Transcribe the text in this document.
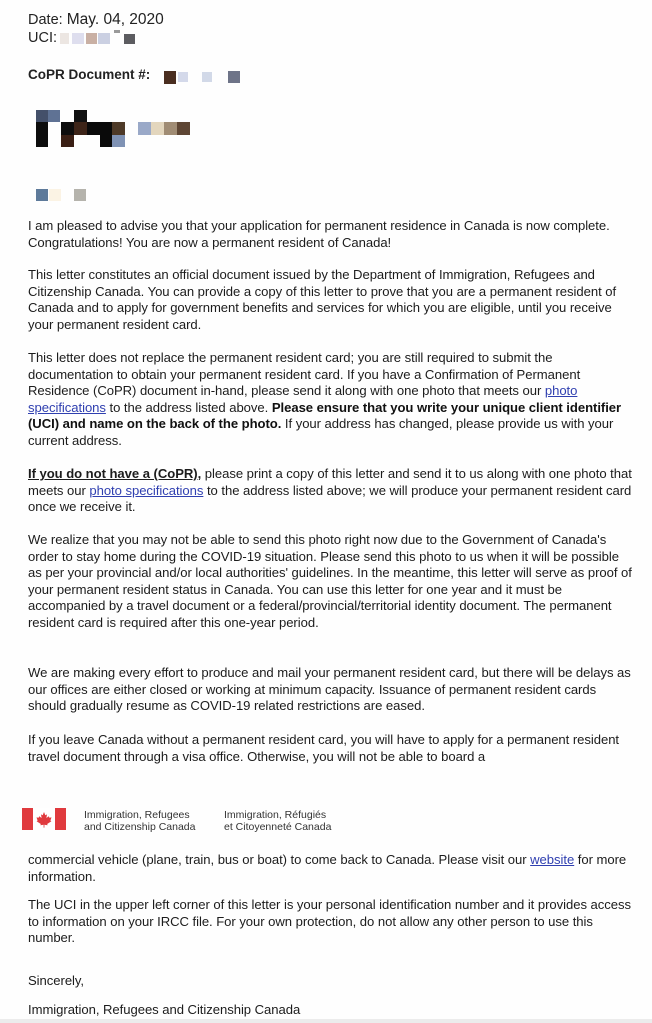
Date: May. 04, 2020
UCI:
CoPR Document #:

I am pleased to advise you that your application for permanent residence in Canada is now complete. Congratulations! You are now a permanent resident of Canada!

This letter constitutes an official document issued by the Department of Immigration, Refugees and Citizenship Canada. You can provide a copy of this letter to prove that you are a permanent resident of Canada and to apply for government benefits and services for which you are eligible, until you receive your permanent resident card.

This letter does not replace the permanent resident card; you are still required to submit the documentation to obtain your permanent resident card. If you have a Confirmation of Permanent Residence (CoPR) document in-hand, please send it along with one photo that meets our photo specifications to the address listed above. Please ensure that you write your unique client identifier (UCI) and name on the back of the photo. If your address has changed, please provide us with your current address.

If you do not have a (CoPR), please print a copy of this letter and send it to us along with one photo that meets our photo specifications to the address listed above; we will produce your permanent resident card once we receive it.

We realize that you may not be able to send this photo right now due to the Government of Canada's order to stay home during the COVID-19 situation. Please send this photo to us when it will be possible as per your provincial and/or local authorities' guidelines. In the meantime, this letter will serve as proof of your permanent resident status in Canada. You can use this letter for one year and it must be accompanied by a travel document or a federal/provincial/territorial identity document. The permanent resident card is required after this one-year period.

We are making every effort to produce and mail your permanent resident card, but there will be delays as our offices are either closed or working at minimum capacity. Issuance of permanent resident cards should gradually resume as COVID-19 related restrictions are eased.

If you leave Canada without a permanent resident card, you will have to apply for a permanent resident travel document through a visa office. Otherwise, you will not be able to board a

Immigration, Refugees
and Citizenship Canada
Immigration, Réfugiés
et Citoyenneté Canada

commercial vehicle (plane, train, bus or boat) to come back to Canada. Please visit our website for more information.

The UCI in the upper left corner of this letter is your personal identification number and it provides access to information on your IRCC file. For your own protection, do not allow any other person to use this number.

Sincerely,

Immigration, Refugees and Citizenship Canada
